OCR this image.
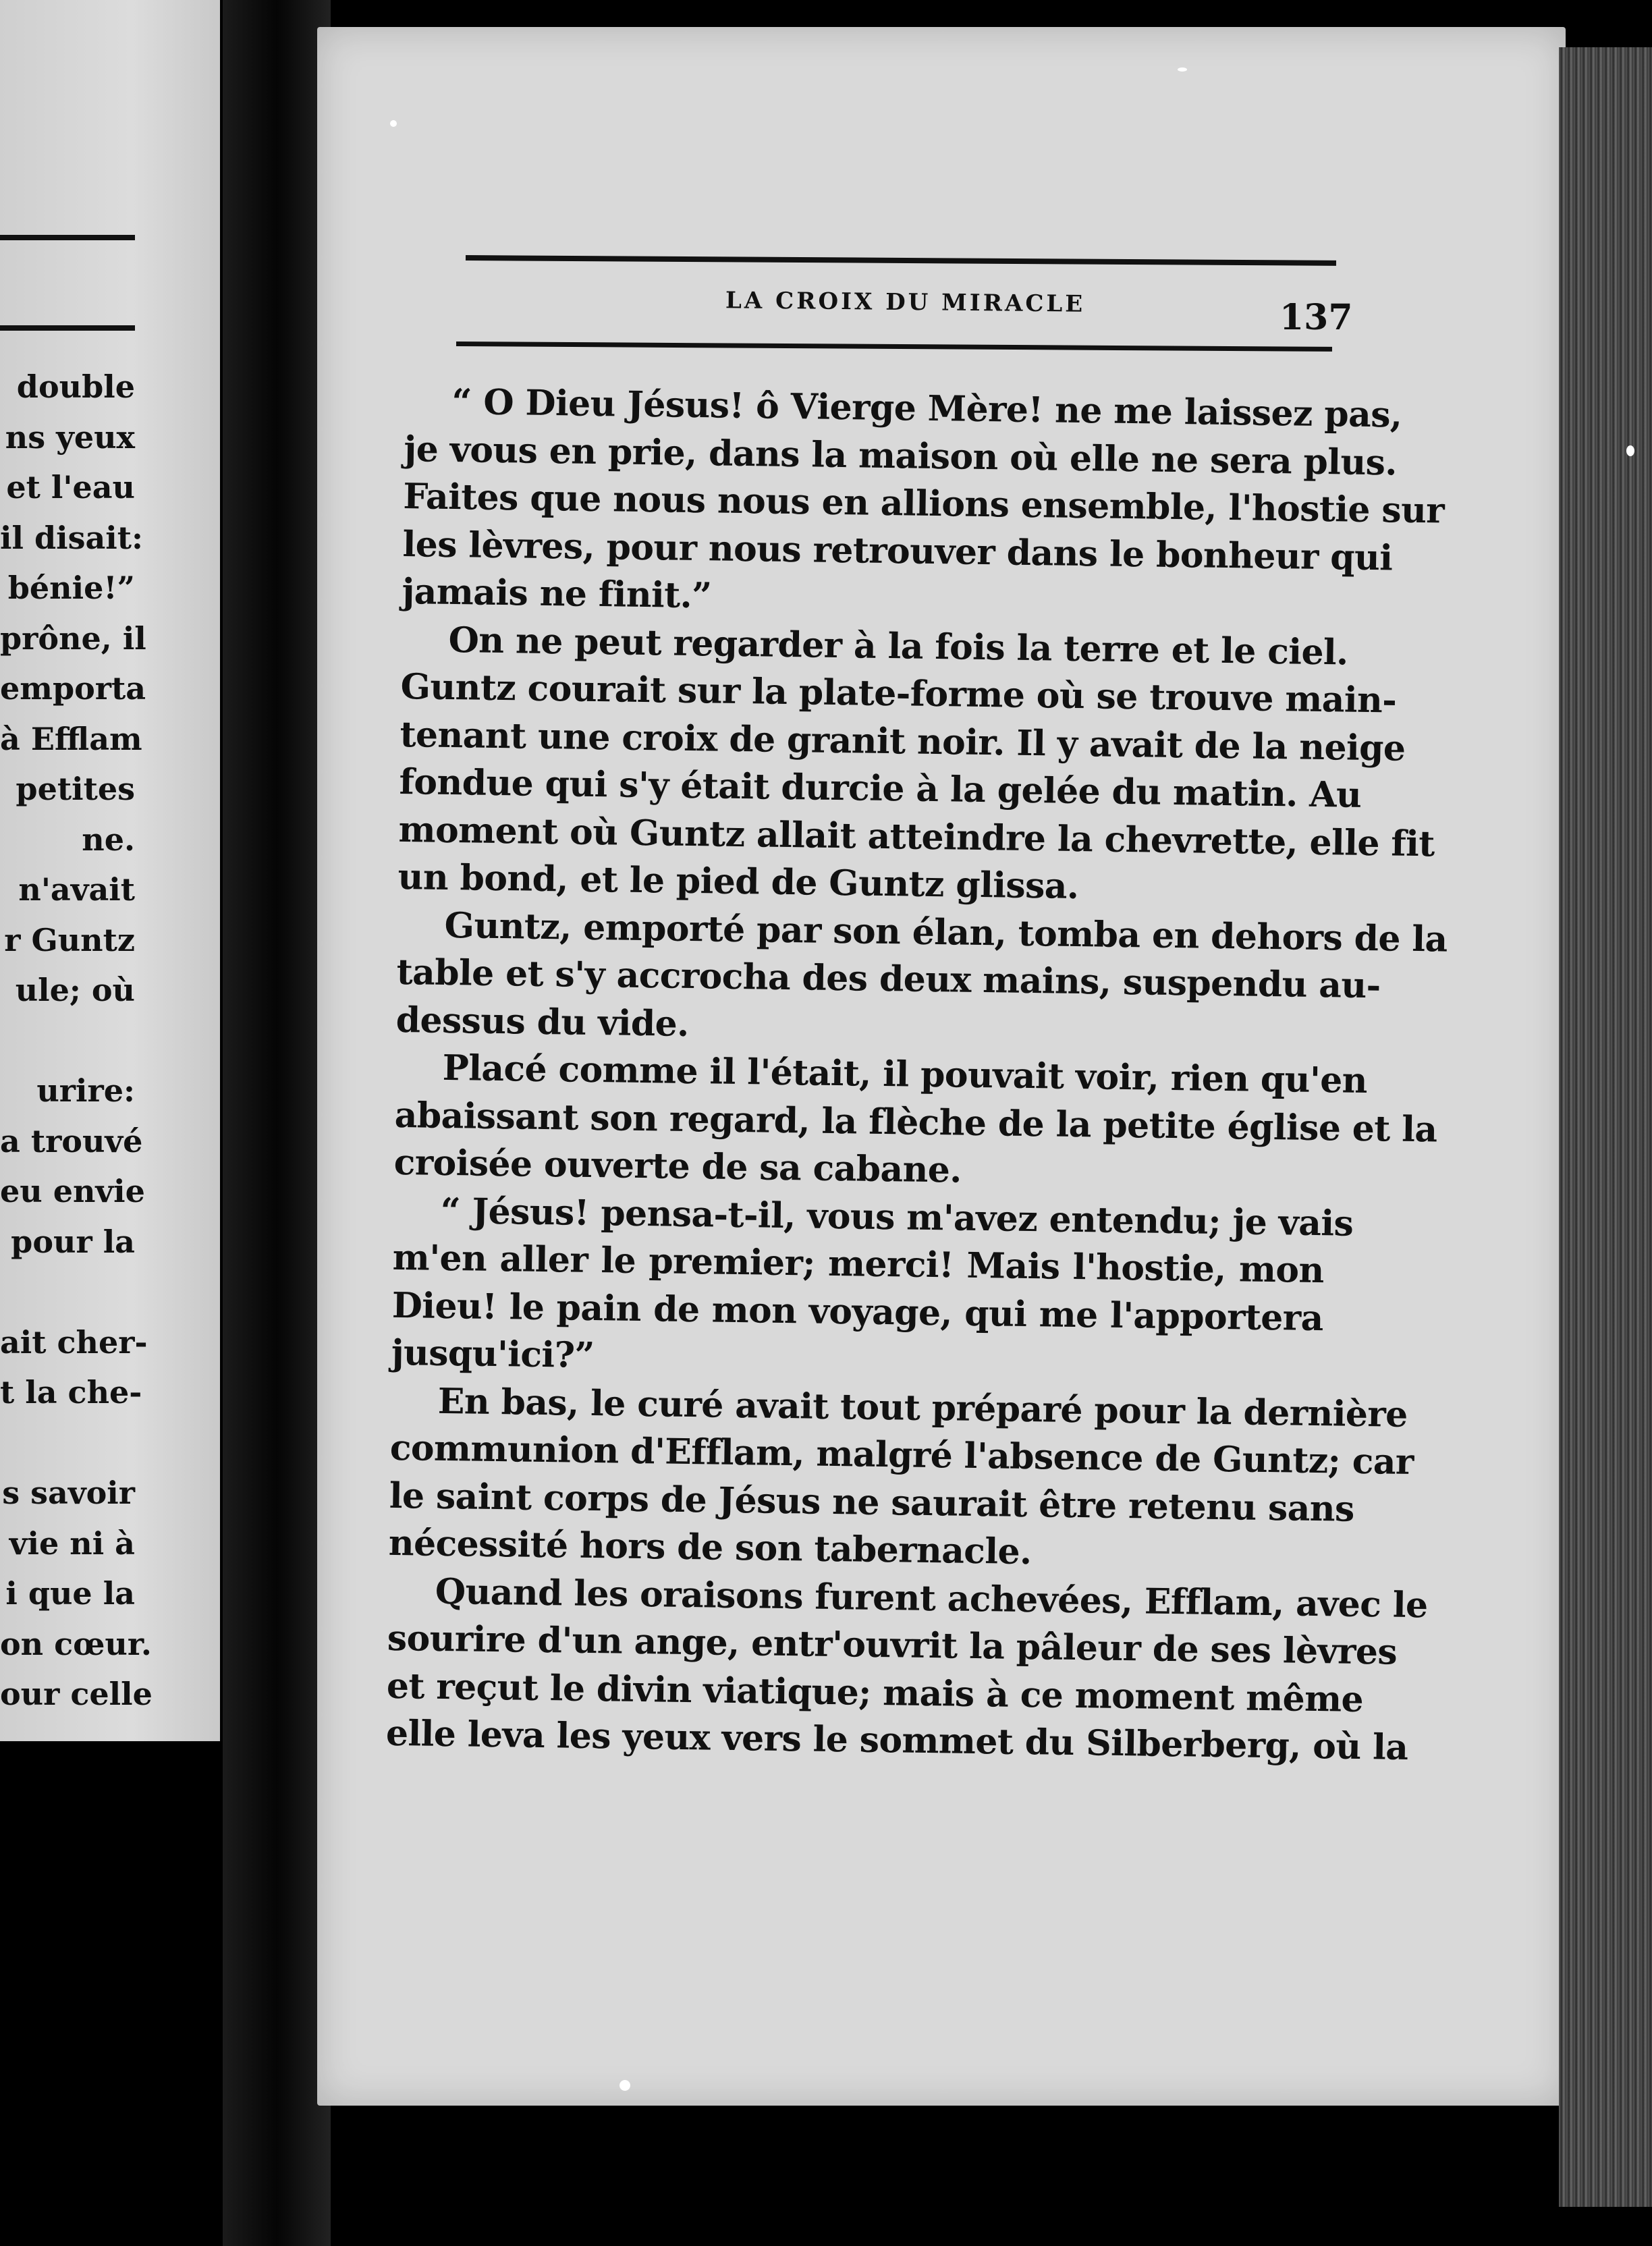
double
ns yeux
et l'eau
il disait:
bénie!”
prône, il
emporta
à Efflam
petites
ne.
n'avait
r Guntz
ule; où
urire:
a trouvé
eu envie
pour la
ait cher-
t la che-
s savoir
vie ni à
i que la
on cœur.
our celle
LA CROIX DU MIRACLE	137
“ O Dieu Jésus! ô Vierge Mère! ne me laissez pas,
je vous en prie, dans la maison où elle ne sera plus.
Faites que nous nous en allions ensemble, l'hostie sur
les lèvres, pour nous retrouver dans le bonheur qui
jamais ne finit.”
On ne peut regarder à la fois la terre et le ciel.
Guntz courait sur la plate-forme où se trouve main-
tenant une croix de granit noir. Il y avait de la neige
fondue qui s'y était durcie à la gelée du matin. Au
moment où Guntz allait atteindre la chevrette, elle fit
un bond, et le pied de Guntz glissa.
Guntz, emporté par son élan, tomba en dehors de la
table et s'y accrocha des deux mains, suspendu au-
dessus du vide.
Placé comme il l'était, il pouvait voir, rien qu'en
abaissant son regard, la flèche de la petite église et la
croisée ouverte de sa cabane.
“ Jésus! pensa-t-il, vous m'avez entendu; je vais
m'en aller le premier; merci! Mais l'hostie, mon
Dieu! le pain de mon voyage, qui me l'apportera
jusqu'ici?”
En bas, le curé avait tout préparé pour la dernière
communion d'Efflam, malgré l'absence de Guntz; car
le saint corps de Jésus ne saurait être retenu sans
nécessité hors de son tabernacle.
Quand les oraisons furent achevées, Efflam, avec le
sourire d'un ange, entr'ouvrit la pâleur de ses lèvres
et reçut le divin viatique; mais à ce moment même
elle leva les yeux vers le sommet du Silberberg, où la
